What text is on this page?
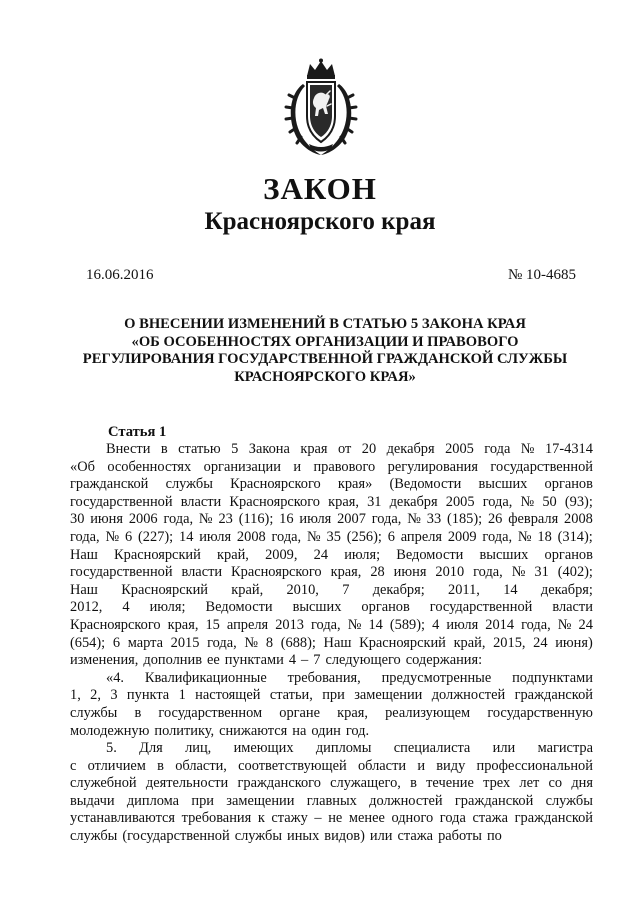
ЗАКОН
Красноярского края
16.06.2016	№ 10-4685
О ВНЕСЕНИИ ИЗМЕНЕНИЙ В СТАТЬЮ 5 ЗАКОНА КРАЯ
«ОБ ОСОБЕННОСТЯХ ОРГАНИЗАЦИИ И ПРАВОВОГО
РЕГУЛИРОВАНИЯ ГОСУДАРСТВЕННОЙ ГРАЖДАНСКОЙ СЛУЖБЫ
КРАСНОЯРСКОГО КРАЯ»
Статья 1
Внести в статью 5 Закона края от 20 декабря 2005 года № 17-4314
«Об особенностях организации и правового регулирования государственной
гражданской службы Красноярского края» (Ведомости высших органов
государственной власти Красноярского края, 31 декабря 2005 года, № 50 (93);
30 июня 2006 года, № 23 (116); 16 июля 2007 года, № 33 (185); 26 февраля 2008
года, № 6 (227); 14 июля 2008 года, № 35 (256); 6 апреля 2009 года, № 18 (314);
Наш Красноярский край, 2009, 24 июля; Ведомости высших органов
государственной власти Красноярского края, 28 июня 2010 года, № 31 (402);
Наш Красноярский край, 2010, 7 декабря; 2011, 14 декабря;
2012, 4 июля; Ведомости высших органов государственной власти
Красноярского края, 15 апреля 2013 года, № 14 (589); 4 июля 2014 года, № 24
(654); 6 марта 2015 года, № 8 (688); Наш Красноярский край, 2015, 24 июня)
изменения, дополнив ее пунктами 4 – 7 следующего содержания:
«4. Квалификационные требования, предусмотренные подпунктами
1, 2, 3 пункта 1 настоящей статьи, при замещении должностей гражданской
службы в государственном органе края, реализующем государственную
молодежную политику, снижаются на один год.
5. Для лиц, имеющих дипломы специалиста или магистра
с отличием в области, соответствующей области и виду профессиональной
служебной деятельности гражданского служащего, в течение трех лет со дня
выдачи диплома при замещении главных должностей гражданской службы
устанавливаются требования к стажу – не менее одного года стажа гражданской
службы (государственной службы иных видов) или стажа работы по
